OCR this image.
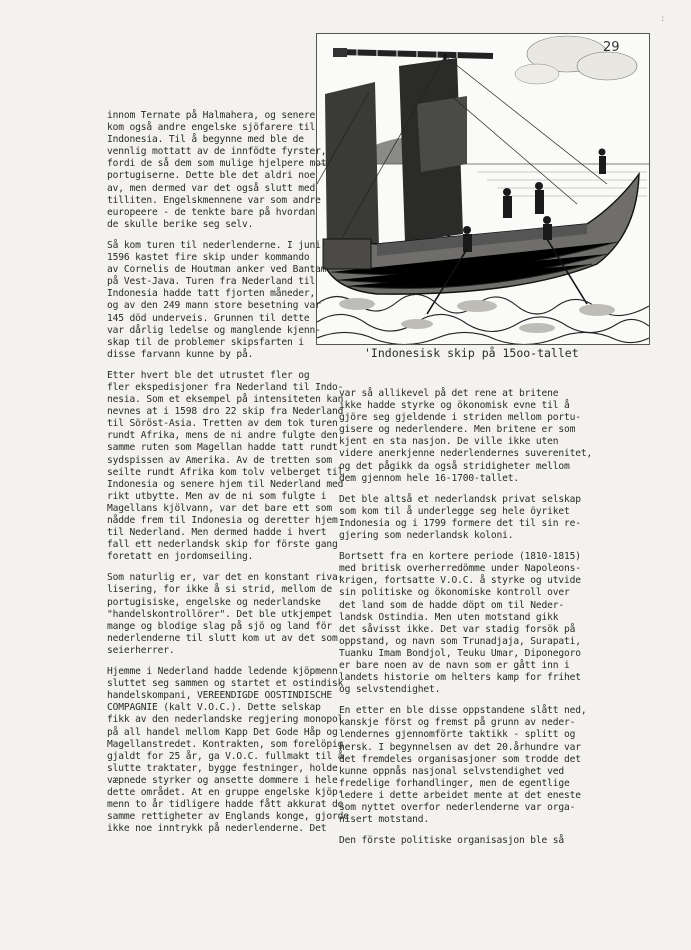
:
29
'Indonesisk skip på 15oo-tallet

innom Ternate på Halmahera, og senere
kom også andre engelske sjöfarere til
Indonesia. Til å begynne med ble de
vennlig mottatt av de innfödte fyrster,
fordi de så dem som mulige hjelpere mot
portugiserne. Dette ble det aldri noe
av, men dermed var det også slutt med
tilliten. Engelskmennene var som andre
europeere - de tenkte bare på hvordan
de skulle berike seg selv.

Så kom turen til nederlenderne. I juni
1596 kastet fire skip under kommando
av Cornelis de Houtman anker ved Bantam
på Vest-Java. Turen fra Nederland til
Indonesia hadde tatt fjorten måneder,
og av den 249 mann store besetning var
145 död underveis. Grunnen til dette
var dårlig ledelse og manglende kjenn-
skap til de problemer skipsfarten i
disse farvann kunne by på.

Etter hvert ble det utrustet fler og
fler ekspedisjoner fra Nederland til Indo-
nesia. Som et eksempel på intensiteten kan
nevnes at i 1598 dro 22 skip fra Nederland
til Söröst-Asia. Tretten av dem tok turen
rundt Afrika, mens de ni andre fulgte den
samme ruten som Magellan hadde tatt rundt
sydspissen av Amerika. Av de tretten som
seilte rundt Afrika kom tolv velberget til
Indonesia og senere hjem til Nederland med
rikt utbytte. Men av de ni som fulgte i
Magellans kjölvann, var det bare ett som
nådde frem til Indonesia og deretter hjem
til Nederland. Men dermed hadde i hvert
fall ett nederlandsk skip for förste gang
foretatt en jordomseiling.

Som naturlig er, var det en konstant riva-
lisering, for ikke å si strid, mellom de
portugisiske, engelske og nederlandske
"handelskontrollörer". Det ble utkjempet
mange og blodige slag på sjö og land för
nederlenderne til slutt kom ut av det som
seierherrer.

Hjemme i Nederland hadde ledende kjöpmenn
sluttet seg sammen og startet et ostindisk
handelskompani, VEREENDIGDE OOSTINDISCHE
COMPAGNIE (kalt V.O.C.). Dette selskap
fikk av den nederlandske regjering monopol
på all handel mellom Kapp Det Gode Håp og
Magellanstredet. Kontrakten, som forelöpig
gjaldt for 25 år, ga V.O.C. fullmakt til å
slutte traktater, bygge festninger, holde
væpnede styrker og ansette dommere i hele
dette området. At en gruppe engelske kjöp-
menn to år tidligere hadde fått akkurat de
samme rettigheter av Englands konge, gjorde
ikke noe inntrykk på nederlenderne. Det

var så allikevel på det rene at britene
ikke hadde styrke og ökonomisk evne til å
gjöre seg gjeldende i striden mellom portu-
gisere og nederlendere. Men britene er som
kjent en sta nasjon. De ville ikke uten
videre anerkjenne nederlendernes suverenitet,
og det pågikk da også stridigheter mellom
dem gjennom hele 16-1700-tallet.

Det ble altså et nederlandsk privat selskap
som kom til å underlegge seg hele öyriket
Indonesia og i 1799 formere det til sin re-
gjering som nederlandsk koloni.

Bortsett fra en kortere periode (1810-1815)
med britisk overherredömme under Napoleons-
krigen, fortsatte V.O.C. å styrke og utvide
sin politiske og ökonomiske kontroll over
det land som de hadde döpt om til Neder-
landsk Ostindia. Men uten motstand gikk
det såvisst ikke. Det var stadig forsök på
oppstand, og navn som Trunadjaja, Surapati,
Tuanku Imam Bondjol, Teuku Umar, Diponegoro
er bare noen av de navn som er gått inn i
landets historie om helters kamp for frihet
og selvstendighet.

En etter en ble disse oppstandene slått ned,
kanskje först og fremst på grunn av neder-
lendernes gjennomförte taktikk - splitt og
hersk. I begynnelsen av det 20.århundre var
det fremdeles organisasjoner som trodde det
kunne oppnås nasjonal selvstendighet ved
fredelige forhandlinger, men de egentlige
ledere i dette arbeidet mente at det eneste
som nyttet overfor nederlenderne var orga-
nisert motstand.

Den förste politiske organisasjon ble så
